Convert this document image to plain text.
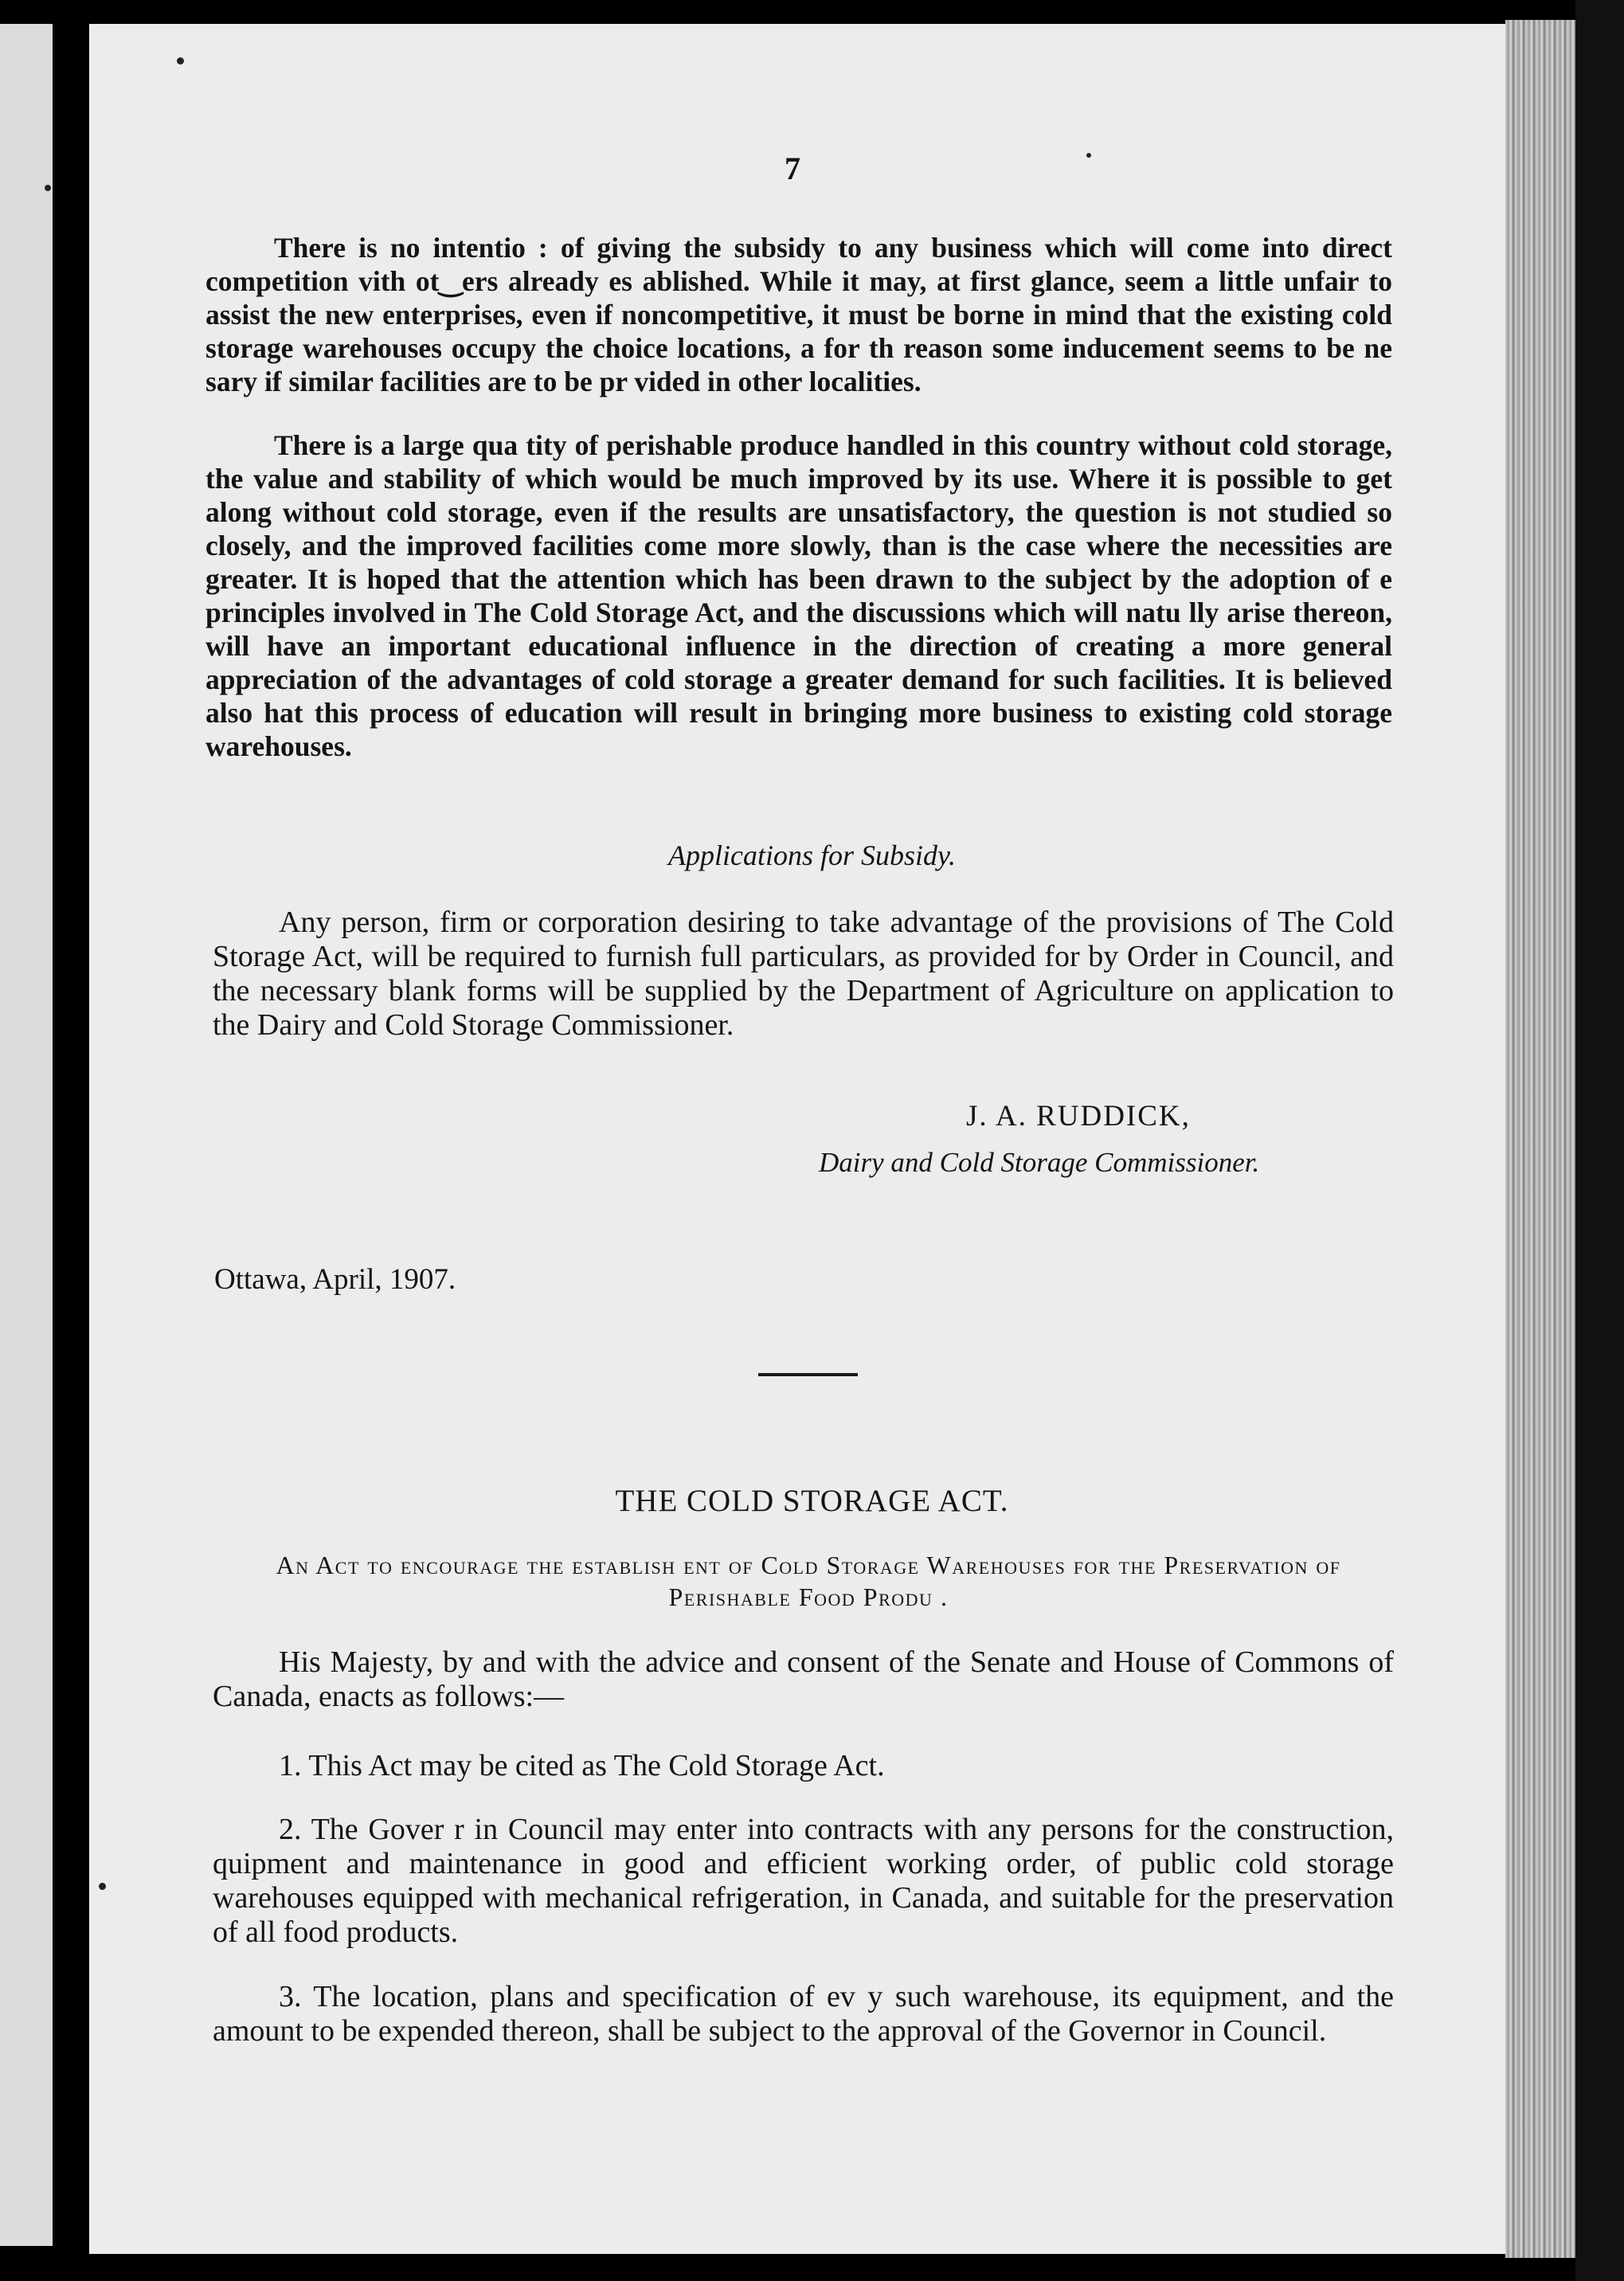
7

There is no intentio : of giving the subsidy to any business which will come into direct competition vith ot‿ers already es ablished. While it may, at first glance, seem a little unfair to assist the new enterprises, even if noncompetitive, it must be borne in mind that the existing cold storage warehouses occupy the choice locations, a for th reason some inducement seems to be ne sary if similar facilities are to be pr vided in other localities.

There is a large qua tity of perishable produce handled in this country without cold storage, the value and stability of which would be much improved by its use. Where it is possible to get along without cold storage, even if the results are unsatisfactory, the question is not studied so closely, and the improved facilities come more slowly, than is the case where the necessities are greater. It is hoped that the attention which has been drawn to the subject by the adoption of e principles involved in The Cold Storage Act, and the discussions which will natu lly arise thereon, will have an important educational influence in the direction of creating a more general appreciation of the advantages of cold storage a greater demand for such facilities. It is believed also hat this process of education will result in bringing more business to existing cold storage warehouses.

Applications for Subsidy.

Any person, firm or corporation desiring to take advantage of the provisions of The Cold Storage Act, will be required to furnish full particulars, as provided for by Order in Council, and the necessary blank forms will be supplied by the Department of Agriculture on application to the Dairy and Cold Storage Commissioner.

J. A. RUDDICK,
Dairy and Cold Storage Commissioner.
Ottawa, April, 1907.
THE COLD STORAGE ACT.
An Act to encourage the establish ent of Cold Storage Warehouses for the Preservation of Perishable Food Produ .

His Majesty, by and with the advice and consent of the Senate and House of Commons of Canada, enacts as follows:—

1. This Act may be cited as The Cold Storage Act.

2. The Gover r in Council may enter into contracts with any persons for the construction, quipment and maintenance in good and efficient working order, of public cold storage warehouses equipped with mechanical refrigeration, in Canada, and suitable for the preservation of all food products.

3. The location, plans and specification of ev y such warehouse, its equipment, and the amount to be expended thereon, shall be subject to the approval of the Governor in Council.
